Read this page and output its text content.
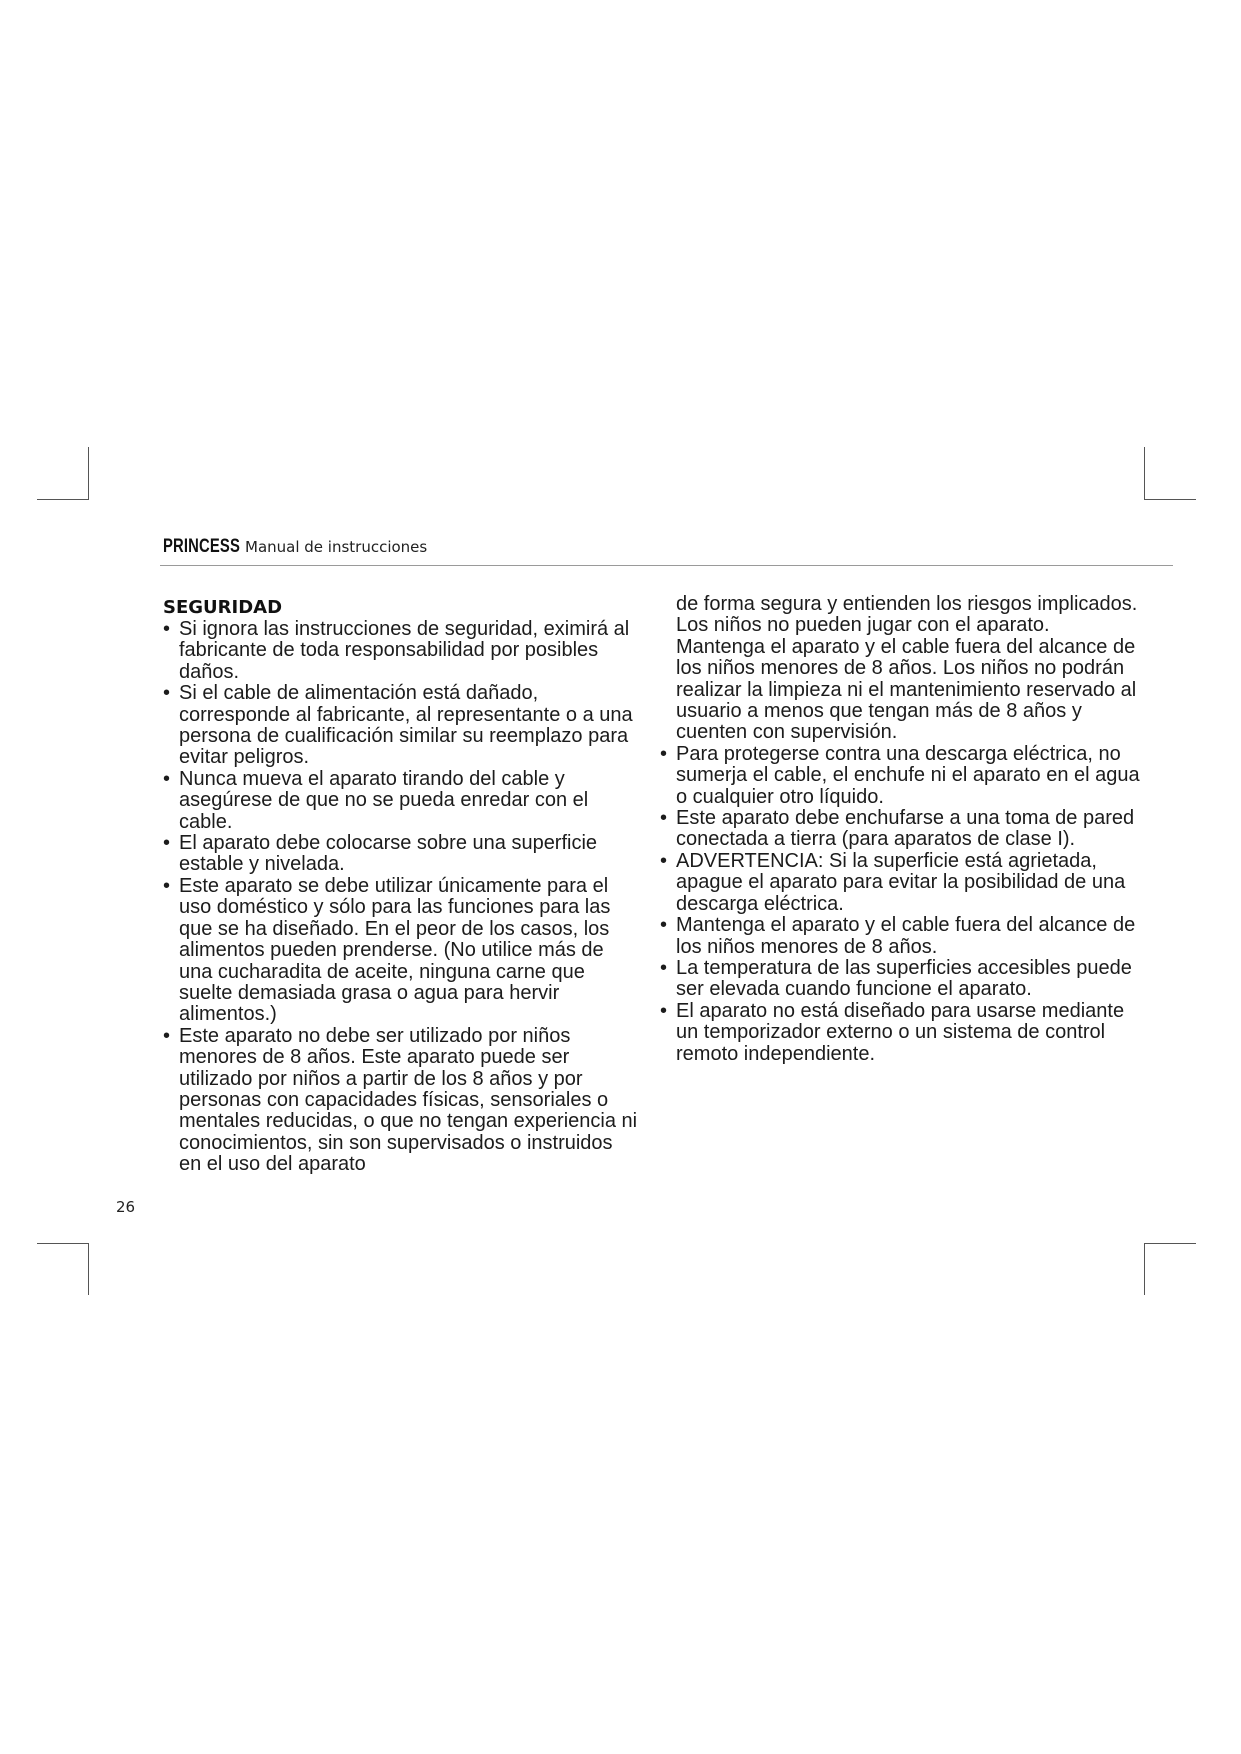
PRINCESS Manual de instrucciones
SEGURIDAD
• Si ignora las instrucciones de seguridad, eximirá al fabricante de toda responsabilidad por posibles daños.
• Si el cable de alimentación está dañado, corresponde al fabricante, al representante o a una persona de cualificación similar su reemplazo para evitar peligros.
• Nunca mueva el aparato tirando del cable y asegúrese de que no se pueda enredar con el cable.
• El aparato debe colocarse sobre una superficie estable y nivelada.
• Este aparato se debe utilizar únicamente para el uso doméstico y sólo para las funciones para las que se ha diseñado. En el peor de los casos, los alimentos pueden prenderse. (No utilice más de una cucharadita de aceite, ninguna carne que suelte demasiada grasa o agua para hervir alimentos.)
• Este aparato no debe ser utilizado por niños menores de 8 años. Este aparato puede ser utilizado por niños a partir de los 8 años y por personas con capacidades físicas, sensoriales o mentales reducidas, o que no tengan experiencia ni conocimientos, sin son supervisados o instruidos en el uso del aparato
de forma segura y entienden los riesgos implicados. Los niños no pueden jugar con el aparato. Mantenga el aparato y el cable fuera del alcance de los niños menores de 8 años. Los niños no podrán realizar la limpieza ni el mantenimiento reservado al usuario a menos que tengan más de 8 años y cuenten con supervisión.
• Para protegerse contra una descarga eléctrica, no sumerja el cable, el enchufe ni el aparato en el agua o cualquier otro líquido.
• Este aparato debe enchufarse a una toma de pared conectada a tierra (para aparatos de clase I).
• ADVERTENCIA: Si la superficie está agrietada, apague el aparato para evitar la posibilidad de una descarga eléctrica.
• Mantenga el aparato y el cable fuera del alcance de los niños menores de 8 años.
• La temperatura de las superficies accesibles puede ser elevada cuando funcione el aparato.
• El aparato no está diseñado para usarse mediante un temporizador externo o un sistema de control remoto independiente.
26
